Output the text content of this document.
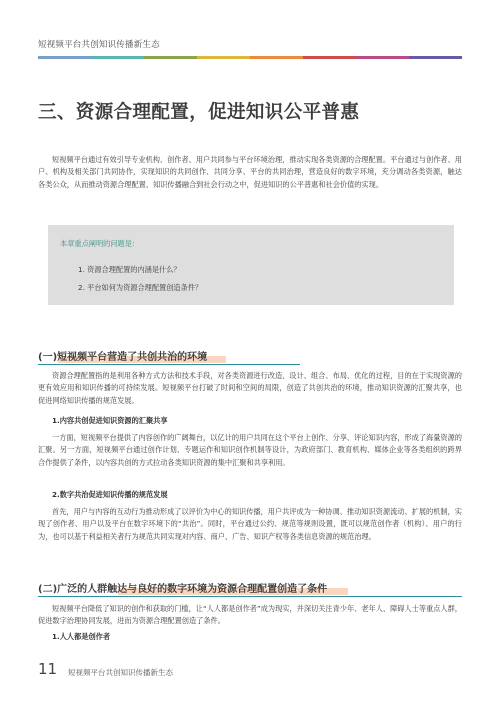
短视频平台共创知识传播新生态
三、资源合理配置，促进知识公平普惠
短视频平台通过有效引导专业机构、创作者、用户共同参与平台环境治理，推动实现各类资源的合理配置。平台通过与创作者、用户、机构及相关部门共同协作，实现知识的共同创作、共同分享、平台的共同治理，营造良好的数字环境，充分调动各类资源，触达各类公众，从而推动资源合理配置、知识传播融合到社会行动之中，促进知识的公平普惠和社会价值的实现。
本章重点阐明的问题是：
1. 资源合理配置的内涵是什么？
2. 平台如何为资源合理配置创造条件？
(一)短视频平台营造了共创共治的环境
资源合理配置指的是利用各种方式方法和技术手段，对各类资源进行改造、设计、组合、布局、优化的过程，目的在于实现资源的更有效应用和知识传播的可持续发展。短视频平台打破了时间和空间的局限，创造了共创共治的环境，推动知识资源的汇聚共享，也促进网络知识传播的规范发展。
1.内容共创促进知识资源的汇聚共享
一方面，短视频平台提供了内容创作的广阔舞台，以亿计的用户共同在这个平台上创作、分享、评论知识内容，形成了海量资源的汇聚。另一方面，短视频平台通过创作计划、专题运作和知识创作机制等设计，为政府部门、教育机构、媒体企业等各类组织的跨界合作提供了条件，以内容共创的方式拉动各类知识资源的集中汇聚和共享利用。
2.数字共治促进知识传播的规范发展
首先，用户与内容的互动行为推动形成了以评价为中心的知识传播，用户共评成为一种协调、推动知识资源流动、扩展的机制，实现了创作者、用户以及平台在数字环境下的“共治”。同时，平台通过公约、规范等规则设置，既可以规范创作者（机构）、用户的行为，也可以基于利益相关者行为规范共同实现对内容、商户、广告、知识产权等各类信息资源的规范治理。
(二)广泛的人群触达与良好的数字环境为资源合理配置创造了条件
短视频平台降低了知识的创作和获取的门槛，让“人人都是创作者”成为现实，并深切关注青少年、老年人、障碍人士等重点人群，促进数字治理协同发展，进而为资源合理配置创造了条件。
1.人人都是创作者
11 短视频平台共创知识传播新生态
